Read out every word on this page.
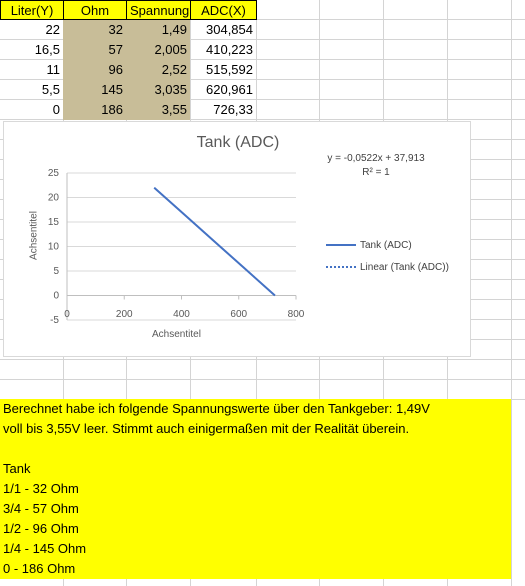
Liter(Y)	Ohm	Spannung ADC(X)
22	32	1,49	304,854
16,5	57	2,005	410,223
11	96	2,52	515,592
5,5	145	3,035	620,961
0	186	3,55	726,33
Tank (ADC)
y = -0,0522x + 37,913
R² = 1
-5
0
5
10
15
20
25
0	200	400	600	800
Achsentitel
Achsentitel	Tank (ADC)
Linear (Tank (ADC))
Berechnet habe ich folgende Spannungswerte über den Tankgeber: 1,49V
voll bis 3,55V leer. Stimmt auch einigermaßen mit der Realität überein.
Tank
1/1 - 32 Ohm
3/4 - 57 Ohm
1/2 - 96 Ohm
1/4 - 145 Ohm
0 - 186 Ohm
